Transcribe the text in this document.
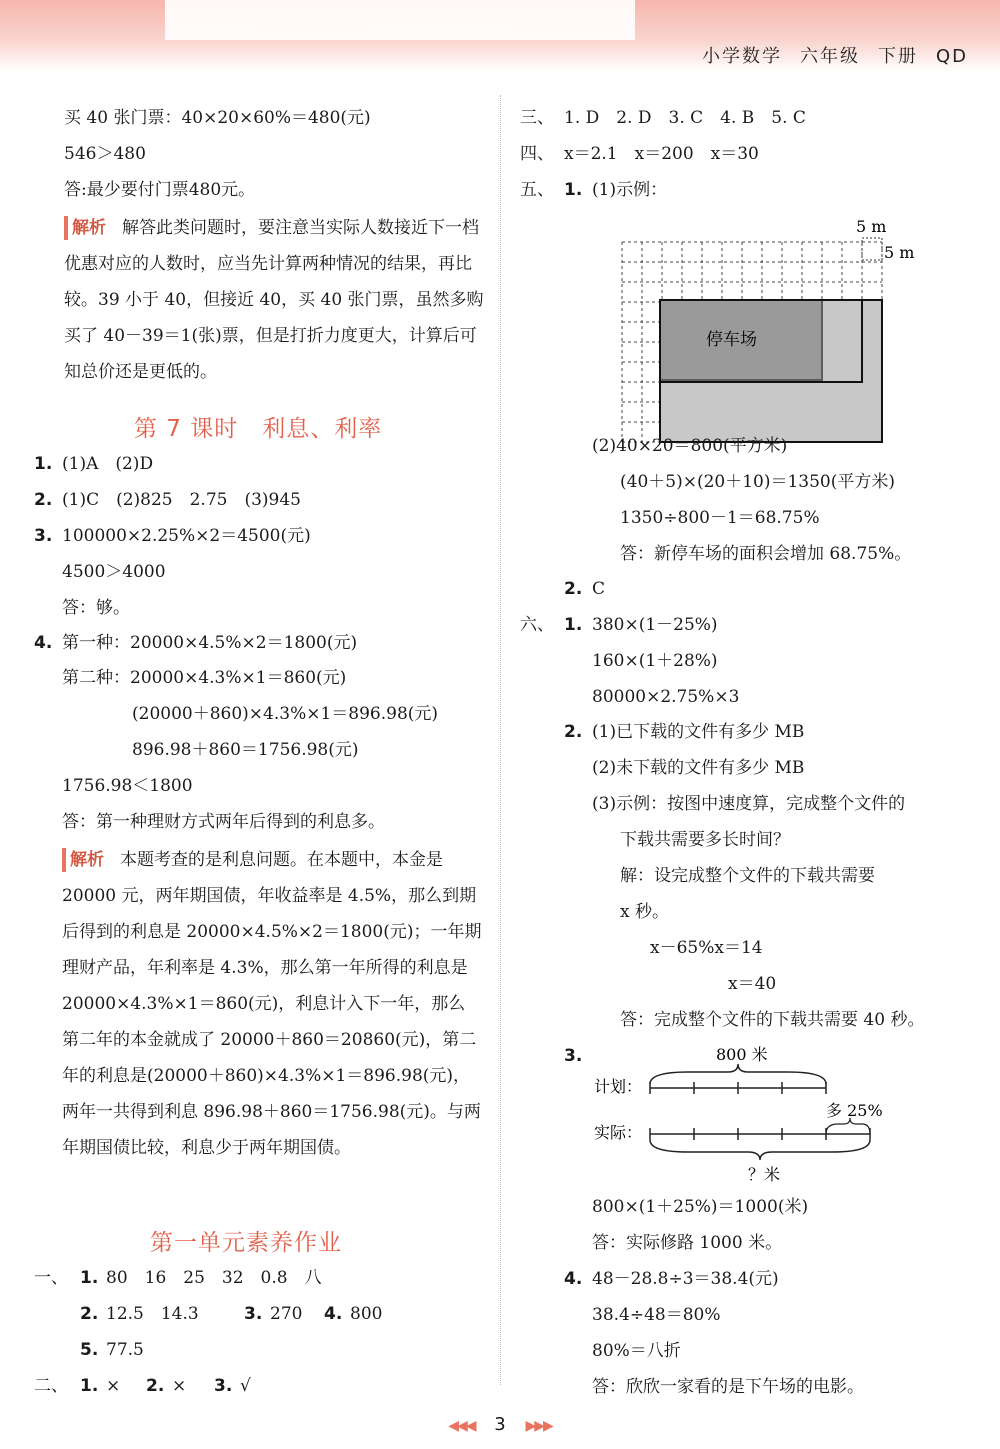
小学数学 六年级 下册 QD
买 40 张门票：40×20×60%＝480(元)
546＞480
答:最少要付门票480元。
解析 解答此类问题时，要注意当实际人数接近下一档优惠对应的人数时，应当先计算两种情况的结果，再比较。39 小于 40，但接近 40，买 40 张门票，虽然多购买了 40－39＝1(张)票，但是打折力度更大，计算后可知总价还是更低的。
第 7 课时　利息、利率
1. (1)A　(2)D
2. (1)C　(2)825　2.75　(3)945
3. 100000×2.25%×2＝4500(元)
4500＞4000
答：够。
4. 第一种：20000×4.5%×2＝1800(元)
第二种：20000×4.3%×1＝860(元)
(20000＋860)×4.3%×1＝896.98(元)
896.98＋860＝1756.98(元)
1756.98＜1800
答：第一种理财方式两年后得到的利息多。
解析 本题考查的是利息问题。在本题中，本金是 20000 元，两年期国债，年收益率是 4.5%，那么到期后得到的利息是 20000×4.5%×2＝1800(元)；一年期理财产品，年利率是 4.3%，那么第一年所得的利息是 20000×4.3%×1＝860(元)，利息计入下一年，那么第二年的本金就成了 20000＋860＝20860(元)，第二年的利息是(20000＋860)×4.3%×1＝896.98(元)，两年一共得到利息 896.98＋860＝1756.98(元)。与两年期国债比较，利息少于两年期国债。
第一单元素养作业
一、 1. 80　16　25　32　0.8　八
2. 12.5　14.3	3. 270 4. 800
5. 77.5
二、 1. × 2. × 3. √
三、 1. D　2. D　3. C　4. B　5. C
四、 x＝2.1　x＝200　x＝30
五、 1. (1)示例：
5 m
5 m
停车场
(2)40×20＝800(平方米)
(40＋5)×(20＋10)＝1350(平方米)
1350÷800－1＝68.75%
答：新停车场的面积会增加 68.75%。
2. C
六、 1. 380×(1－25%)
160×(1＋28%)
80000×2.75%×3
2. (1)已下载的文件有多少 MB
(2)未下载的文件有多少 MB
(3)示例：按图中速度算，完成整个文件的
下载共需要多长时间？
解：设完成整个文件的下载共需要
x 秒。
x－65%x＝14
x＝40
答：完成整个文件的下载共需要 40 秒。
3.	800 米
计划：
多 25%
实际：
？米
800×(1＋25%)＝1000(米)
答：实际修路 1000 米。
4. 48－28.8÷3＝38.4(元)
38.4÷48＝80%
80%＝八折
答：欣欣一家看的是下午场的电影。
◀◀◀ 3 ▶▶▶
